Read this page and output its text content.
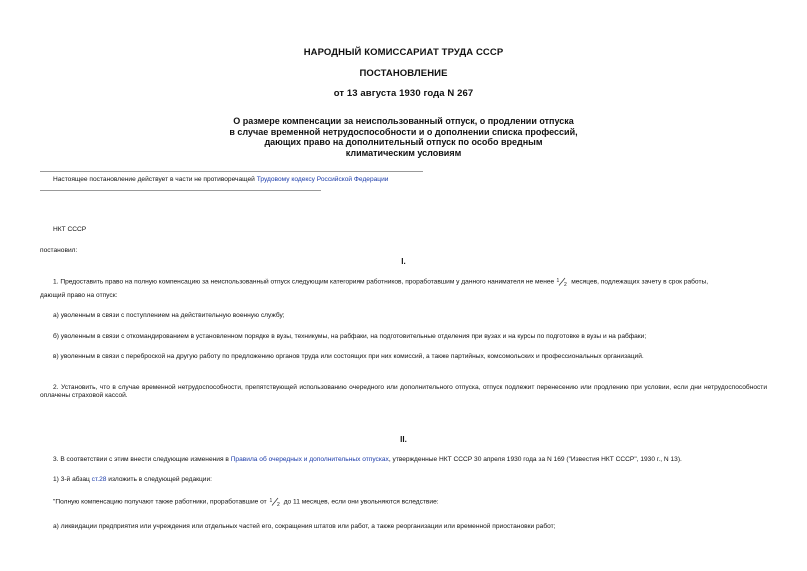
НАРОДНЫЙ КОМИССАРИАТ ТРУДА СССР
ПОСТАНОВЛЕНИЕ
от 13 августа 1930 года N 267
О размере компенсации за неиспользованный отпуск, о продлении отпуска
в случае временной нетрудоспособности и о дополнении списка профессий,
дающих право на дополнительный отпуск по особо вредным
климатическим условиям
Настоящее постановление действует в части не противоречащей Трудовому кодексу Российской Федерации
НКТ СССР
постановил:
I.
1. Предоставить право на полную компенсацию за неиспользованный отпуск следующим категориям работников, проработавшим у данного нанимателя не менее 1
2 месяцев, подлежащих зачету в срок работы,
дающий право на отпуск:
а) уволенным в связи с поступлением на действительную военную службу;
б) уволенным в связи с откомандированием в установленном порядке в вузы, техникумы, на рабфаки, на подготовительные отделения при вузах и на курсы по подготовке в вузы и на рабфаки;
в) уволенным в связи с переброской на другую работу по предложению органов труда или состоящих при них комиссий, а также партийных, комсомольских и профессиональных организаций.
2. Установить, что в случае временной нетрудоспособности, препятствующей использованию очередного или дополнительного отпуска, отпуск подлежит перенесению или продлению при условии, если дни нетрудоспособности оплачены страховой кассой.
II.
3. В соответствии с этим внести следующие изменения в Правила об очередных и дополнительных отпусках, утвержденные НКТ СССР 30 апреля 1930 года за N 169 ("Известия НКТ СССР", 1930 г., N 13).
1) 3-й абзац ст.28 изложить в следующей редакции:
"Полную компенсацию получают также работники, проработавшие от 1
2 до 11 месяцев, если они увольняются вследствие:
а) ликвидации предприятия или учреждения или отдельных частей его, сокращения штатов или работ, а также реорганизации или временной приостановки работ;
